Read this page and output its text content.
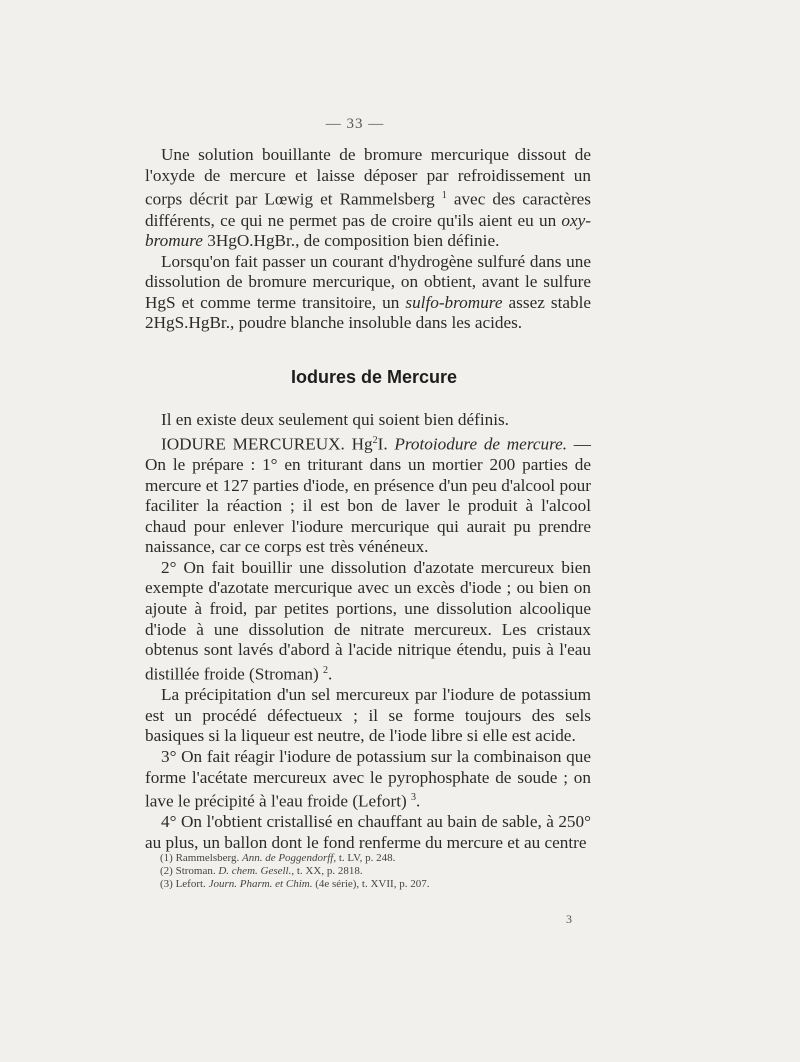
— 33 —

Une solution bouillante de bromure mercurique dissout de l'oxyde de mercure et laisse déposer par refroidissement un corps décrit par Lœwig et Rammelsberg $^1$ avec des caractères différents, ce qui ne permet pas de croire qu'ils aient eu un oxy-bromure 3HgO.HgBr., de composition bien définie.

Lorsqu'on fait passer un courant d'hydrogène sulfuré dans une dissolution de bromure mercurique, on obtient, avant le sulfure HgS et comme terme transitoire, un sulfo-bromure assez stable 2HgS.HgBr., poudre blanche insoluble dans les acides.

Iodures de Mercure

Il en existe deux seulement qui soient bien définis.

IODURE MERCUREUX. Hg$^2$I. Protoiodure de mercure. — On le prépare : 1° en triturant dans un mortier 200 parties de mercure et 127 parties d'iode, en présence d'un peu d'alcool pour faciliter la réaction ; il est bon de laver le produit à l'alcool chaud pour enlever l'iodure mercurique qui aurait pu prendre naissance, car ce corps est très vénéneux.

2° On fait bouillir une dissolution d'azotate mercureux bien exempte d'azotate mercurique avec un excès d'iode ; ou bien on ajoute à froid, par petites portions, une dissolution alcoolique d'iode à une dissolution de nitrate mercureux. Les cristaux obtenus sont lavés d'abord à l'acide nitrique étendu, puis à l'eau distillée froide (Stroman) $^2$.

La précipitation d'un sel mercureux par l'iodure de potassium est un procédé défectueux ; il se forme toujours des sels basiques si la liqueur est neutre, de l'iode libre si elle est acide.

3° On fait réagir l'iodure de potassium sur la combinaison que forme l'acétate mercureux avec le pyrophosphate de soude ; on lave le précipité à l'eau froide (Lefort) $^3$.

4° On l'obtient cristallisé en chauffant au bain de sable, à 250° au plus, un ballon dont le fond renferme du mercure et au centre

(1) Rammelsberg. Ann. de Poggendorff, t. LV, p. 248.

(2) Stroman. D. chem. Gesell., t. XX, p. 2818.

(3) Lefort. Journ. Pharm. et Chim. (4e série), t. XVII, p. 207.

3
